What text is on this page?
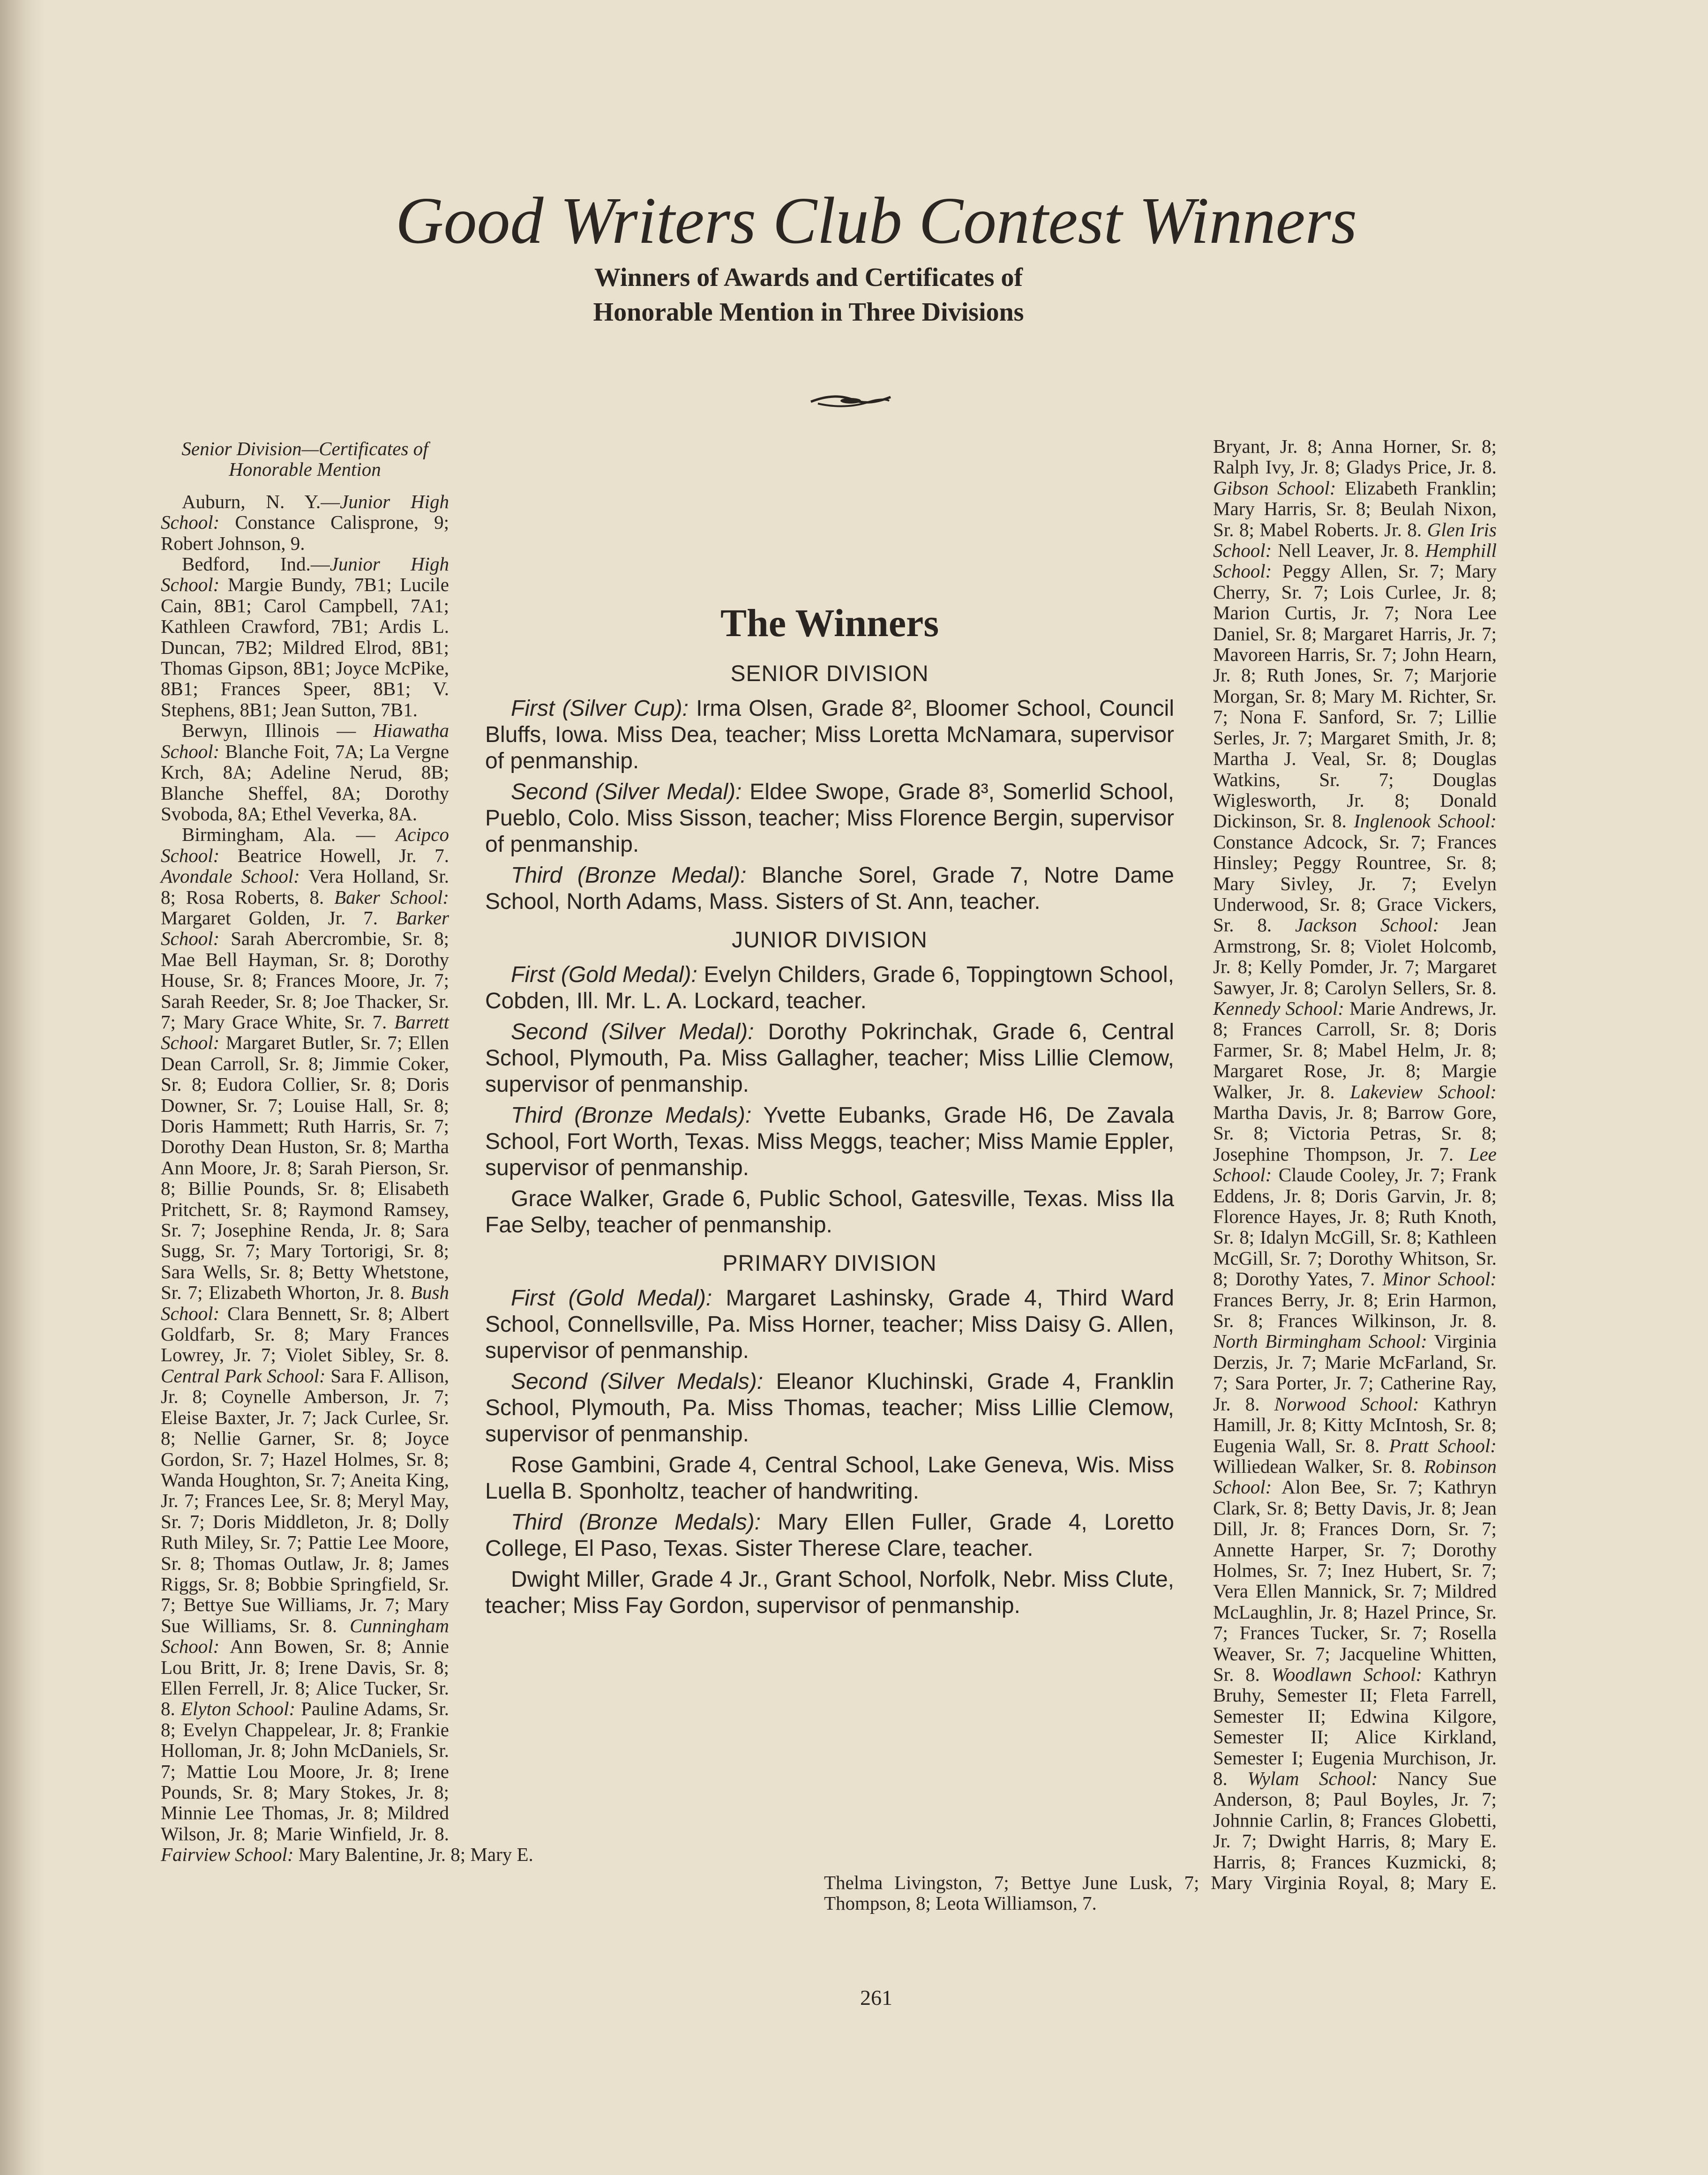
Good Writers Club Contest Winners
Winners of Awards and Certificates of Honorable Mention in Three Divisions

Senior Division—Certificates of Honorable Mention

Auburn, N. Y.—Junior High School: Constance Calisprone, 9; Robert Johnson, 9.

Bedford, Ind.—Junior High School: Margie Bundy, 7B1; Lucile Cain, 8B1; Carol Campbell, 7A1; Kathleen Crawford, 7B1; Ardis L. Duncan, 7B2; Mildred Elrod, 8B1; Thomas Gipson, 8B1; Joyce McPike, 8B1; Frances Speer, 8B1; V. Stephens, 8B1; Jean Sutton, 7B1.

Berwyn, Illinois — Hiawatha School: Blanche Foit, 7A; La Vergne Krch, 8A; Adeline Nerud, 8B; Blanche Sheffel, 8A; Dorothy Svoboda, 8A; Ethel Veverka, 8A.

Birmingham, Ala. — Acipco School: Beatrice Howell, Jr. 7. Avondale School: Vera Holland, Sr. 8; Rosa Roberts, 8. Baker School: Margaret Golden, Jr. 7. Barker School: Sarah Abercrombie, Sr. 8; Mae Bell Hayman, Sr. 8; Dorothy House, Sr. 8; Frances Moore, Jr. 7; Sarah Reeder, Sr. 8; Joe Thacker, Sr. 7; Mary Grace White, Sr. 7. Barrett School: Margaret Butler, Sr. 7; Ellen Dean Carroll, Sr. 8; Jimmie Coker, Sr. 8; Eudora Collier, Sr. 8; Doris Downer, Sr. 7; Louise Hall, Sr. 8; Doris Hammett; Ruth Harris, Sr. 7; Dorothy Dean Huston, Sr. 8; Martha Ann Moore, Jr. 8; Sarah Pierson, Sr. 8; Billie Pounds, Sr. 8; Elisabeth Pritchett, Sr. 8; Raymond Ramsey, Sr. 7; Josephine Renda, Jr. 8; Sara Sugg, Sr. 7; Mary Tortorigi, Sr. 8; Sara Wells, Sr. 8; Betty Whetstone, Sr. 7; Elizabeth Whorton, Jr. 8. Bush School: Clara Bennett, Sr. 8; Albert Goldfarb, Sr. 8; Mary Frances Lowrey, Jr. 7; Violet Sibley, Sr. 8. Central Park School: Sara F. Allison, Jr. 8; Coynelle Amberson, Jr. 7; Eleise Baxter, Jr. 7; Jack Curlee, Sr. 8; Nellie Garner, Sr. 8; Joyce Gordon, Sr. 7; Hazel Holmes, Sr. 8; Wanda Houghton, Sr. 7; Aneita King, Jr. 7; Frances Lee, Sr. 8; Meryl May, Sr. 7; Doris Middleton, Jr. 8; Dolly Ruth Miley, Sr. 7; Pattie Lee Moore, Sr. 8; Thomas Outlaw, Jr. 8; James Riggs, Sr. 8; Bobbie Springfield, Sr. 7; Bettye Sue Williams, Jr. 7; Mary Sue Williams, Sr. 8. Cunningham School: Ann Bowen, Sr. 8; Annie Lou Britt, Jr. 8; Irene Davis, Sr. 8; Ellen Ferrell, Jr. 8; Alice Tucker, Sr. 8. Elyton School: Pauline Adams, Sr. 8; Evelyn Chappelear, Jr. 8; Frankie Holloman, Jr. 8; John McDaniels, Sr. 7; Mattie Lou Moore, Jr. 8; Irene Pounds, Sr. 8; Mary Stokes, Jr. 8; Minnie Lee Thomas, Jr. 8; Mildred Wilson, Jr. 8; Marie Winfield, Jr. 8. Fairview School: Mary Balentine, Jr. 8; Mary E.

Bryant, Jr. 8; Anna Horner, Sr. 8; Ralph Ivy, Jr. 8; Gladys Price, Jr. 8. Gibson School: Elizabeth Franklin; Mary Harris, Sr. 8; Beulah Nixon, Sr. 8; Mabel Roberts. Jr. 8. Glen Iris School: Nell Leaver, Jr. 8. Hemphill School: Peggy Allen, Sr. 7; Mary Cherry, Sr. 7; Lois Curlee, Jr. 8; Marion Curtis, Jr. 7; Nora Lee Daniel, Sr. 8; Margaret Harris, Jr. 7; Mavoreen Harris, Sr. 7; John Hearn, Jr. 8; Ruth Jones, Sr. 7; Marjorie Morgan, Sr. 8; Mary M. Richter, Sr. 7; Nona F. Sanford, Sr. 7; Lillie Serles, Jr. 7; Margaret Smith, Jr. 8; Martha J. Veal, Sr. 8; Douglas Watkins, Sr. 7; Douglas Wiglesworth, Jr. 8; Donald Dickinson, Sr. 8. Inglenook School: Constance Adcock, Sr. 7; Frances Hinsley; Peggy Rountree, Sr. 8; Mary Sivley, Jr. 7; Evelyn Underwood, Sr. 8; Grace Vickers, Sr. 8. Jackson School: Jean Armstrong, Sr. 8; Violet Holcomb, Jr. 8; Kelly Pomder, Jr. 7; Margaret Sawyer, Jr. 8; Carolyn Sellers, Sr. 8. Kennedy School: Marie Andrews, Jr. 8; Frances Carroll, Sr. 8; Doris Farmer, Sr. 8; Mabel Helm, Jr. 8; Margaret Rose, Jr. 8; Margie Walker, Jr. 8. Lakeview School: Martha Davis, Jr. 8; Barrow Gore, Sr. 8; Victoria Petras, Sr. 8; Josephine Thompson, Jr. 7. Lee School: Claude Cooley, Jr. 7; Frank Eddens, Jr. 8; Doris Garvin, Jr. 8; Florence Hayes, Jr. 8; Ruth Knoth, Sr. 8; Idalyn McGill, Sr. 8; Kathleen McGill, Sr. 7; Dorothy Whitson, Sr. 8; Dorothy Yates, 7. Minor School: Frances Berry, Jr. 8; Erin Harmon, Sr. 8; Frances Wilkinson, Jr. 8. North Birmingham School: Virginia Derzis, Jr. 7; Marie McFarland, Sr. 7; Sara Porter, Jr. 7; Catherine Ray, Jr. 8. Norwood School: Kathryn Hamill, Jr. 8; Kitty McIntosh, Sr. 8; Eugenia Wall, Sr. 8. Pratt School: Williedean Walker, Sr. 8. Robinson School: Alon Bee, Sr. 7; Kathryn Clark, Sr. 8; Betty Davis, Jr. 8; Jean Dill, Jr. 8; Frances Dorn, Sr. 7; Annette Harper, Sr. 7; Dorothy Holmes, Sr. 7; Inez Hubert, Sr. 7; Vera Ellen Mannick, Sr. 7; Mildred McLaughlin, Jr. 8; Hazel Prince, Sr. 7; Frances Tucker, Sr. 7; Rosella Weaver, Sr. 7; Jacqueline Whitten, Sr. 8. Woodlawn School: Kathryn Bruhy, Semester II; Fleta Farrell, Semester II; Edwina Kilgore, Semester II; Alice Kirkland, Semester I; Eugenia Murchison, Jr. 8. Wylam School: Nancy Sue Anderson, 8; Paul Boyles, Jr. 7; Johnnie Carlin, 8; Frances Globetti, Jr. 7; Dwight Harris, 8; Mary E. Harris, 8; Frances Kuzmicki, 8; Thelma Livingston, 7; Bettye June Lusk, 7; Mary Virginia Royal, 8; Mary E. Thompson, 8; Leota Williamson, 7.

The Winners
SENIOR DIVISION

First (Silver Cup): Irma Olsen, Grade 8², Bloomer School, Council Bluffs, Iowa. Miss Dea, teacher; Miss Loretta McNamara, supervisor of penmanship.

Second (Silver Medal): Eldee Swope, Grade 8³, Somerlid School, Pueblo, Colo. Miss Sisson, teacher; Miss Florence Bergin, supervisor of penmanship.

Third (Bronze Medal): Blanche Sorel, Grade 7, Notre Dame School, North Adams, Mass. Sisters of St. Ann, teacher.

JUNIOR DIVISION

First (Gold Medal): Evelyn Childers, Grade 6, Toppingtown School, Cobden, Ill. Mr. L. A. Lockard, teacher.

Second (Silver Medal): Dorothy Pokrinchak, Grade 6, Central School, Plymouth, Pa. Miss Gallagher, teacher; Miss Lillie Clemow, supervisor of penmanship.

Third (Bronze Medals): Yvette Eubanks, Grade H6, De Zavala School, Fort Worth, Texas. Miss Meggs, teacher; Miss Mamie Eppler, supervisor of penmanship.

Grace Walker, Grade 6, Public School, Gatesville, Texas. Miss Ila Fae Selby, teacher of penmanship.

PRIMARY DIVISION

First (Gold Medal): Margaret Lashinsky, Grade 4, Third Ward School, Connellsville, Pa. Miss Horner, teacher; Miss Daisy G. Allen, supervisor of penmanship.

Second (Silver Medals): Eleanor Kluchinski, Grade 4, Franklin School, Plymouth, Pa. Miss Thomas, teacher; Miss Lillie Clemow, supervisor of penmanship.

Rose Gambini, Grade 4, Central School, Lake Geneva, Wis. Miss Luella B. Sponholtz, teacher of handwriting.

Third (Bronze Medals): Mary Ellen Fuller, Grade 4, Loretto College, El Paso, Texas. Sister Therese Clare, teacher.

Dwight Miller, Grade 4 Jr., Grant School, Norfolk, Nebr. Miss Clute, teacher; Miss Fay Gordon, supervisor of penmanship.

261
